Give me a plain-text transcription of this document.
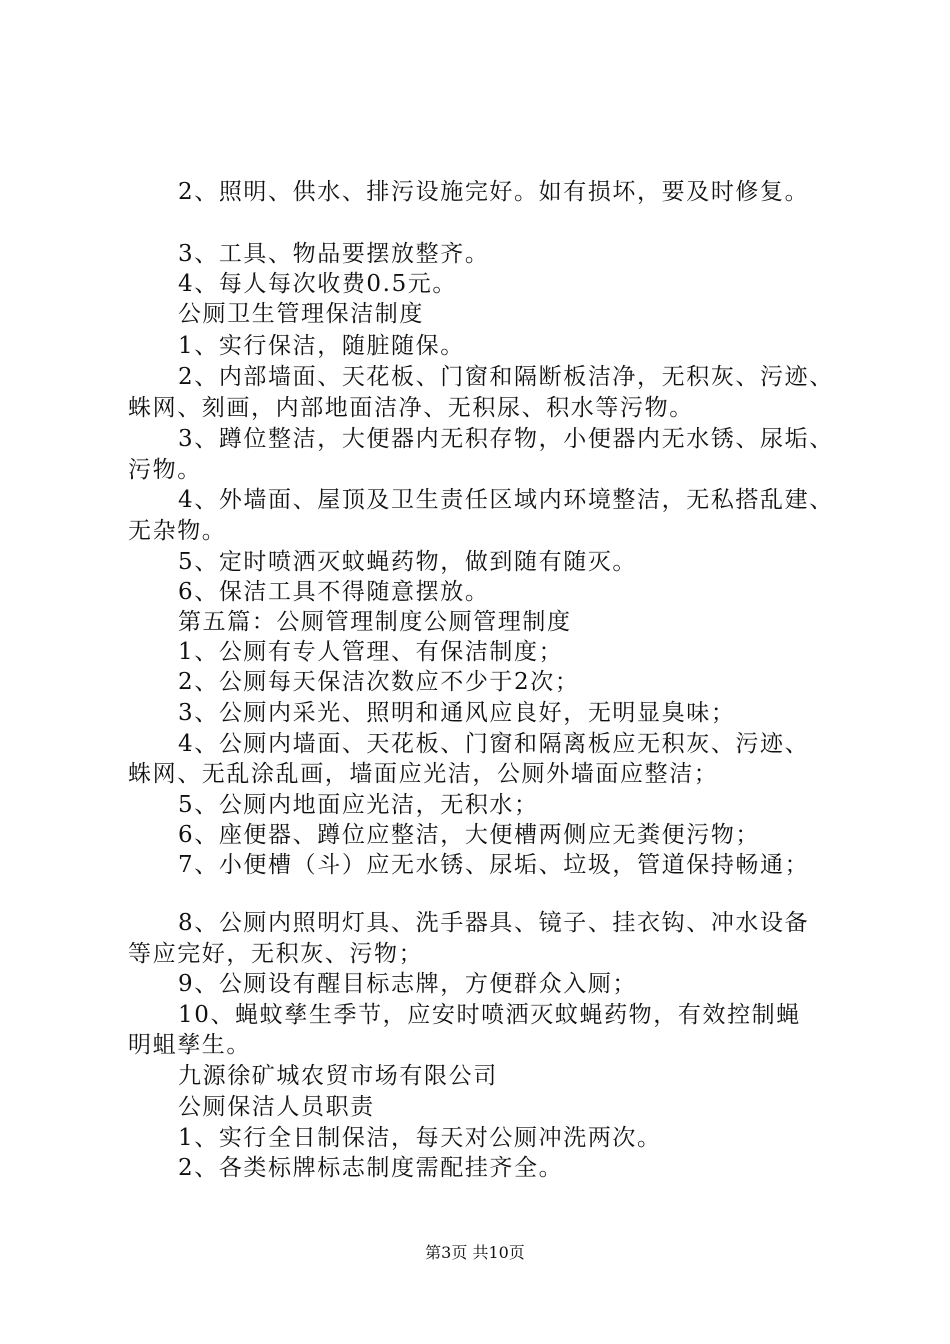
2、照明、供水、排污设施完好。如有损坏，要及时修复。
3、工具、物品要摆放整齐。
4、每人每次收费0.5元。
公厕卫生管理保洁制度
1、实行保洁，随脏随保。
2、内部墙面、天花板、门窗和隔断板洁净，无积灰、污迹、
蛛网、刻画，内部地面洁净、无积尿、积水等污物。
3、蹲位整洁，大便器内无积存物，小便器内无水锈、尿垢、
污物。
4、外墙面、屋顶及卫生责任区域内环境整洁，无私搭乱建、
无杂物。
5、定时喷洒灭蚊蝇药物，做到随有随灭。
6、保洁工具不得随意摆放。
第五篇：公厕管理制度公厕管理制度
1、公厕有专人管理、有保洁制度；
2、公厕每天保洁次数应不少于2次；
3、公厕内采光、照明和通风应良好，无明显臭味；
4、公厕内墙面、天花板、门窗和隔离板应无积灰、污迹、
蛛网、无乱涂乱画，墙面应光洁，公厕外墙面应整洁；
5、公厕内地面应光洁，无积水；
6、座便器、蹲位应整洁，大便槽两侧应无粪便污物；
7、小便槽（斗）应无水锈、尿垢、垃圾，管道保持畅通；
8、公厕内照明灯具、洗手器具、镜子、挂衣钩、冲水设备
等应完好，无积灰、污物；
9、公厕设有醒目标志牌，方便群众入厕；
10、蝇蚊孳生季节，应安时喷洒灭蚊蝇药物，有效控制蝇
明蛆孳生。
九源徐矿城农贸市场有限公司
公厕保洁人员职责
1、实行全日制保洁，每天对公厕冲洗两次。
2、各类标牌标志制度需配挂齐全。
第3页 共10页
